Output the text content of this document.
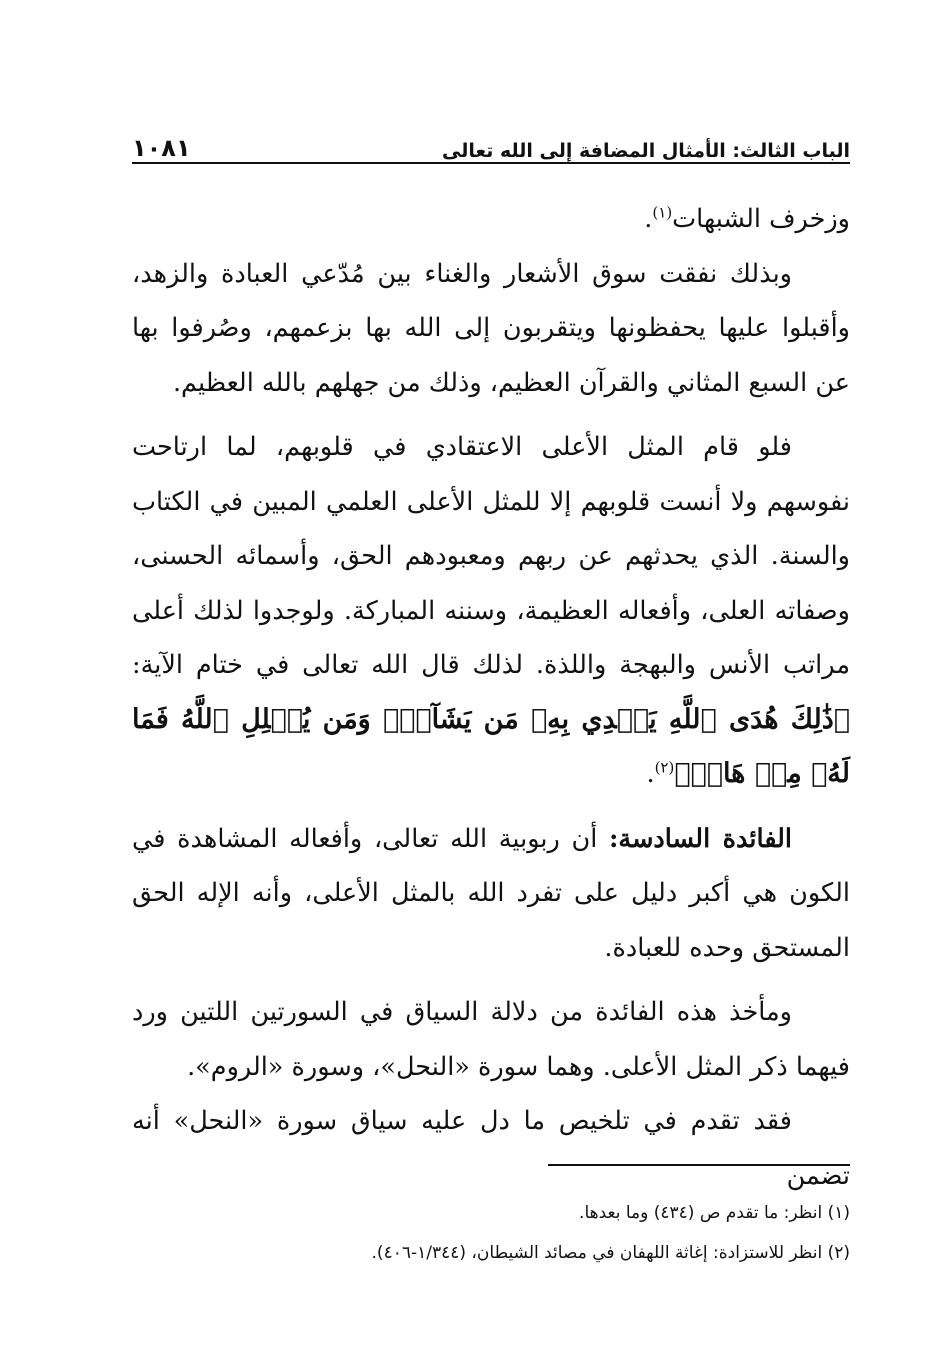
الباب الثالث: الأمثال المضافة إلى الله تعالى
١٠٨١

وزخرف الشبهات$^{(١)}$.

وبذلك نفقت سوق الأشعار والغناء بين مُدّعي العبادة والزهد، وأقبلوا عليها يحفظونها ويتقربون إلى الله بها بزعمهم، وصُرفوا بها عن السبع المثاني والقرآن العظيم، وذلك من جهلهم بالله العظيم.

فلو قام المثل الأعلى الاعتقادي في قلوبهم، لما ارتاحت نفوسهم ولا أنست قلوبهم إلا للمثل الأعلى العلمي المبين في الكتاب والسنة. الذي يحدثهم عن ربهم ومعبودهم الحق، وأسمائه الحسنى، وصفاته العلى، وأفعاله العظيمة، وسننه المباركة. ولوجدوا لذلك أعلى مراتب الأنس والبهجة واللذة. لذلك قال الله تعالى في ختام الآية:﴿ذَٰلِكَ هُدَى ٱللَّهِ يَهۡدِي بِهِۦ مَن يَشَآءُۚ وَمَن يُضۡلِلِ ٱللَّهُ فَمَا لَهُۥ مِنۡ هَادٖ﴾$^{(٢)}$.

الفائدة السادسة: أن ربوبية الله تعالى، وأفعاله المشاهدة في الكون هي أكبر دليل على تفرد الله بالمثل الأعلى، وأنه الإله الحق المستحق وحده للعبادة.

ومأخذ هذه الفائدة من دلالة السياق في السورتين اللتين ورد فيهما ذكر المثل الأعلى. وهما سورة «النحل»، وسورة «الروم».

فقد تقدم في تلخيص ما دل عليه سياق سورة «النحل» أنه تضمن

(١) انظر: ما تقدم ص (٤٣٤) وما بعدها.

(٢) انظر للاستزادة: إغاثة اللهفان في مصائد الشيطان، (١/٣٤٤-٤٠٦).
